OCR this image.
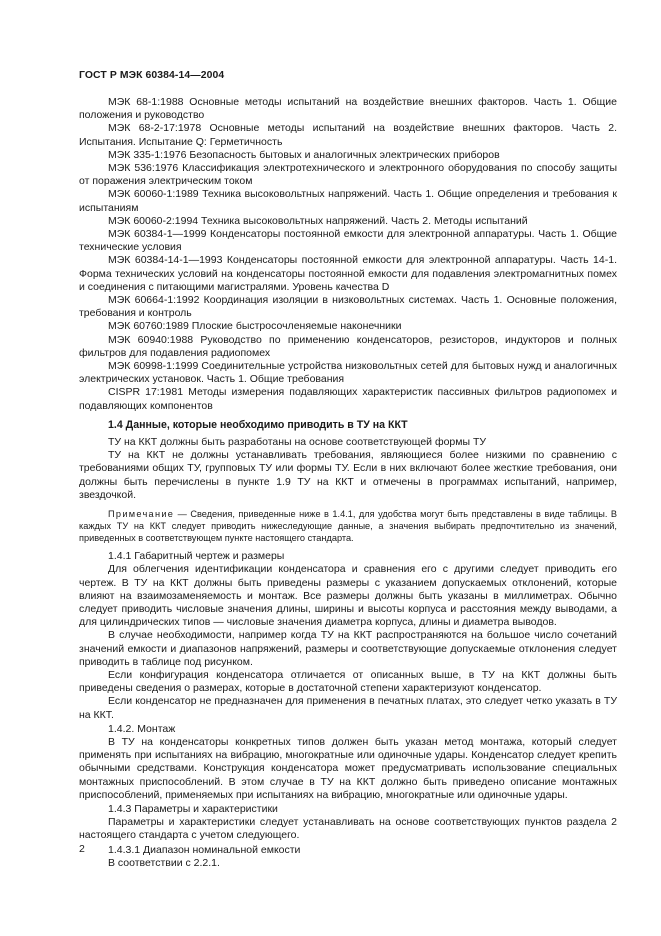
ГОСТ Р МЭК 60384-14—2004

МЭК 68-1:1988 Основные методы испытаний на воздействие внешних факторов. Часть 1. Общие положения и руководство

МЭК 68-2-17:1978 Основные методы испытаний на воздействие внешних факторов. Часть 2. Испытания. Испытание Q: Герметичность

МЭК 335-1:1976 Безопасность бытовых и аналогичных электрических приборов

МЭК 536:1976 Классификация электротехнического и электронного оборудования по способу защиты от поражения электрическим током

МЭК 60060-1:1989 Техника высоковольтных напряжений. Часть 1. Общие определения и требования к испытаниям

МЭК 60060-2:1994 Техника высоковольтных напряжений. Часть 2. Методы испытаний

МЭК 60384-1—1999 Конденсаторы постоянной емкости для электронной аппаратуры. Часть 1. Общие технические условия

МЭК 60384-14-1—1993 Конденсаторы постоянной емкости для электронной аппаратуры. Часть 14-1. Форма технических условий на конденсаторы постоянной емкости для подавления электромагнитных помех и соединения с питающими магистралями. Уровень качества D

МЭК 60664-1:1992 Координация изоляции в низковольтных системах. Часть 1. Основные положения, требования и контроль

МЭК 60760:1989 Плоские быстросочленяемые наконечники

МЭК 60940:1988 Руководство по применению конденсаторов, резисторов, индукторов и полных фильтров для подавления радиопомех

МЭК 60998-1:1999 Соединительные устройства низковольтных сетей для бытовых нужд и аналогичных электрических установок. Часть 1. Общие требования

CISPR 17:1981 Методы измерения подавляющих характеристик пассивных фильтров радиопомех и подавляющих компонентов

1.4 Данные, которые необходимо приводить в ТУ на ККТ

ТУ на ККТ должны быть разработаны на основе соответствующей формы ТУ

ТУ на ККТ не должны устанавливать требования, являющиеся более низкими по сравнению с требованиями общих ТУ, групповых ТУ или формы ТУ. Если в них включают более жесткие требования, они должны быть перечислены в пункте 1.9 ТУ на ККТ и отмечены в программах испытаний, например, звездочкой.

Примечание — Сведения, приведенные ниже в 1.4.1, для удобства могут быть представлены в виде таблицы. В каждых ТУ на ККТ следует приводить нижеследующие данные, а значения выбирать предпочтительно из значений, приведенных в соответствующем пункте настоящего стандарта.

1.4.1 Габаритный чертеж и размеры

Для облегчения идентификации конденсатора и сравнения его с другими следует приводить его чертеж. В ТУ на ККТ должны быть приведены размеры с указанием допускаемых отклонений, которые влияют на взаимозаменяемость и монтаж. Все размеры должны быть указаны в миллиметрах. Обычно следует приводить числовые значения длины, ширины и высоты корпуса и расстояния между выводами, а для цилиндрических типов — числовые значения диаметра корпуса, длины и диаметра выводов.

В случае необходимости, например когда ТУ на ККТ распространяются на большое число сочетаний значений емкости и диапазонов напряжений, размеры и соответствующие допускаемые отклонения следует приводить в таблице под рисунком.

Если конфигурация конденсатора отличается от описанных выше, в ТУ на ККТ должны быть приведены сведения о размерах, которые в достаточной степени характеризуют конденсатор.

Если конденсатор не предназначен для применения в печатных платах, это следует четко указать в ТУ на ККТ.

1.4.2. Монтаж

В ТУ на конденсаторы конкретных типов должен быть указан метод монтажа, который следует применять при испытаниях на вибрацию, многократные или одиночные удары. Конденсатор следует крепить обычными средствами. Конструкция конденсатора может предусматривать использование специальных монтажных приспособлений. В этом случае в ТУ на ККТ должно быть приведено описание монтажных приспособлений, применяемых при испытаниях на вибрацию, многократные или одиночные удары.

1.4.3 Параметры и характеристики

Параметры и характеристики следует устанавливать на основе соответствующих пунктов раздела 2 настоящего стандарта с учетом следующего.

1.4.3.1 Диапазон номинальной емкости

В соответствии с 2.2.1.

2
